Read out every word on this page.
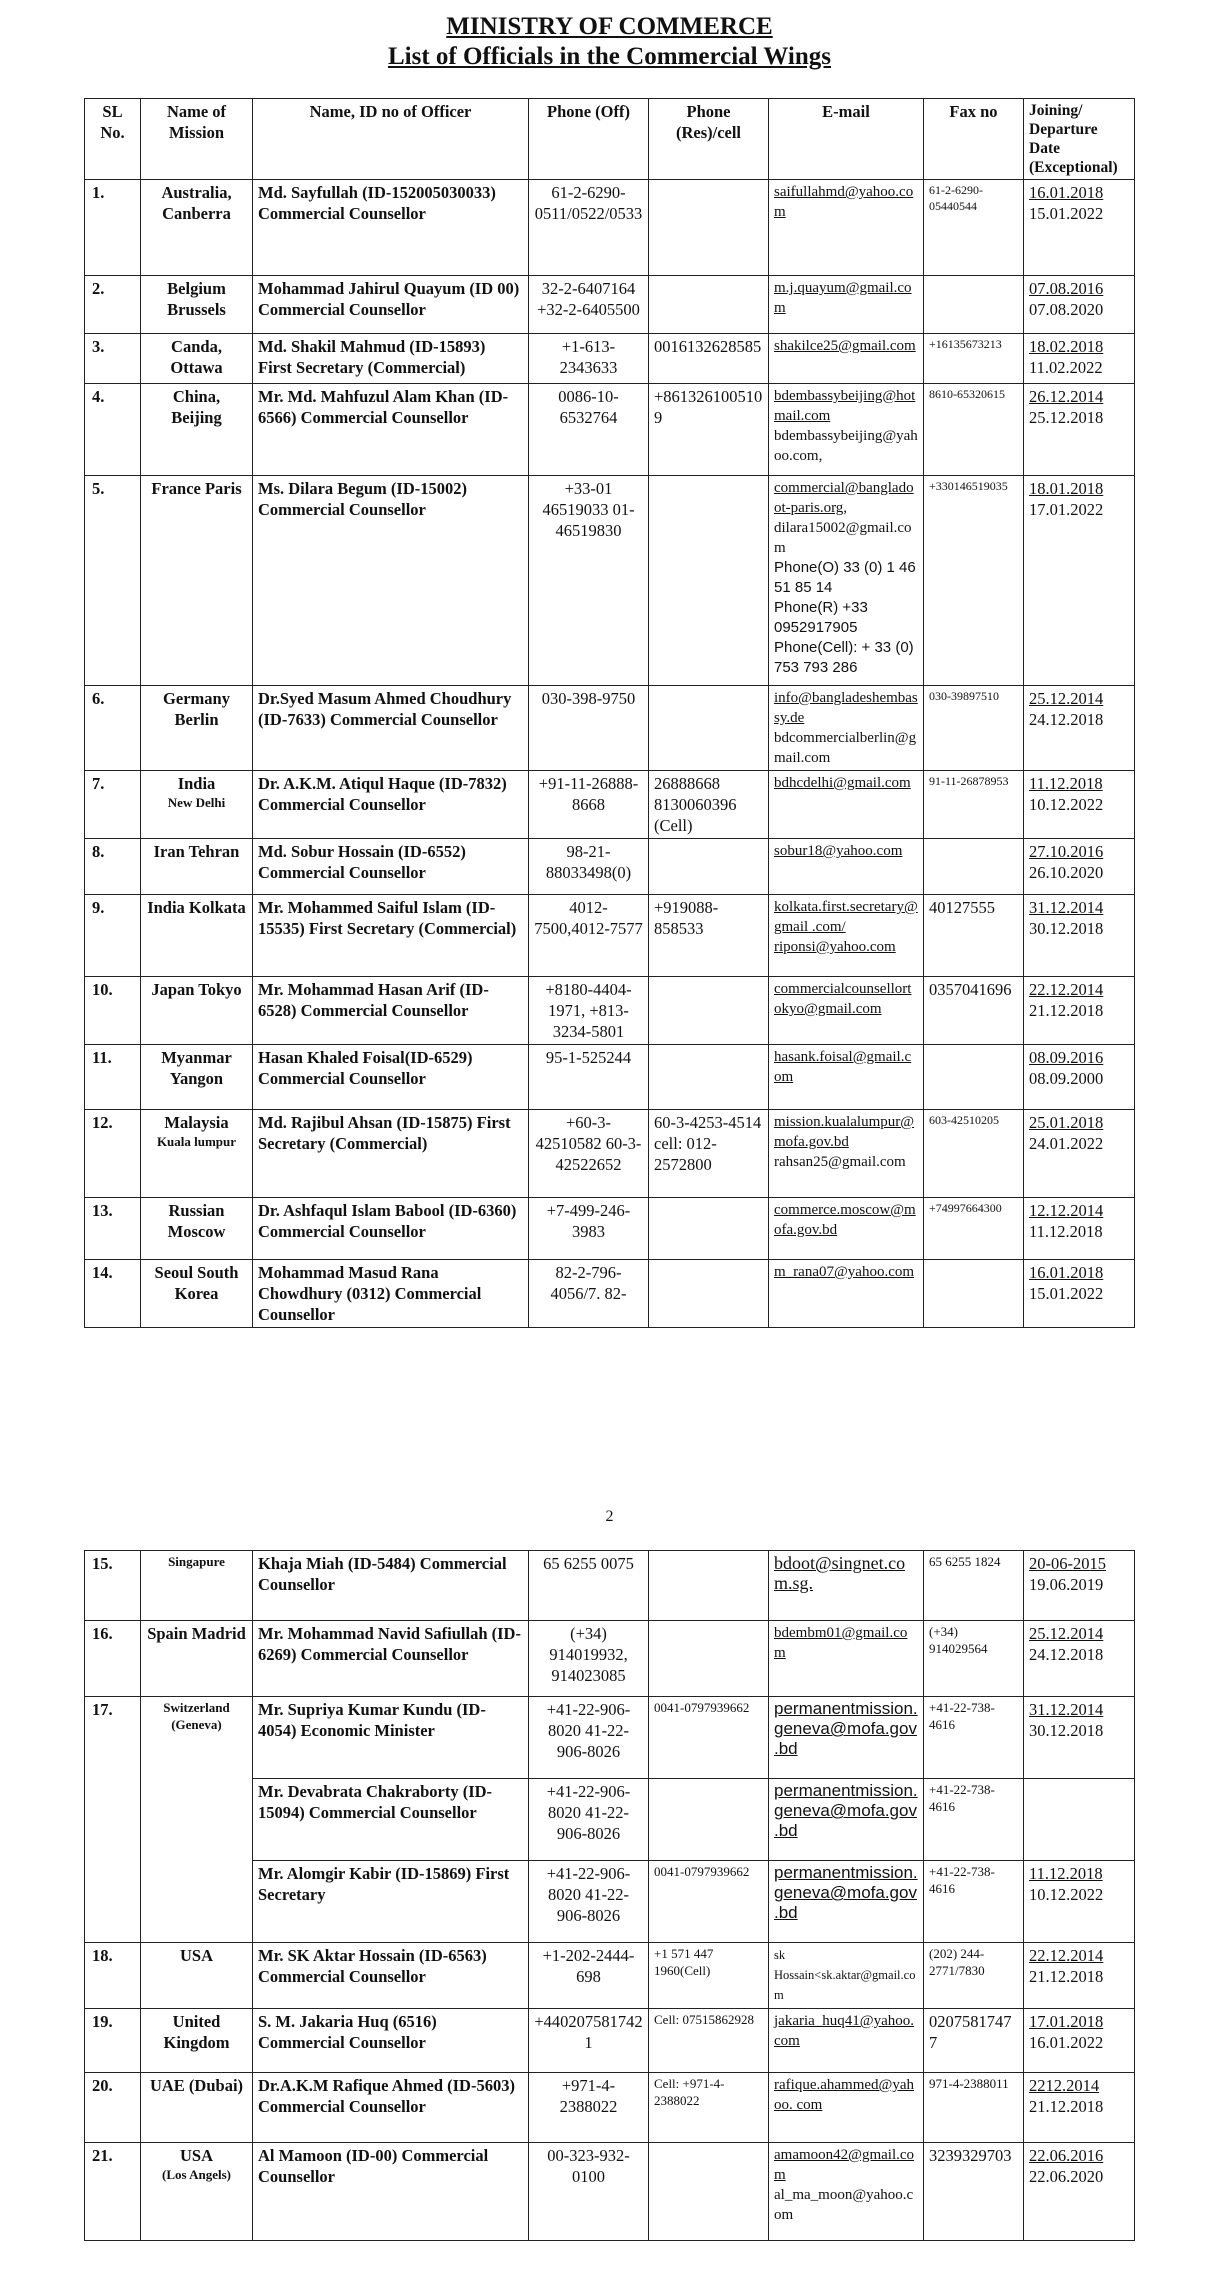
MINISTRY OF COMMERCE
List of Officials in the Commercial Wings
SL No.	Name of Mission	Name, ID no of Officer	Phone (Off)	Phone (Res)/cell	E-mail	Fax no	Joining/ Departure Date (Exceptional)
1.	Australia, Canberra	Md. Sayfullah (ID-152005030033) Commercial Counsellor	61-2-6290-0511/0522/0533		saifullahmd@yahoo.com	61-2-6290-05440544	16.01.2018
15.01.2022

2.	Belgium Brussels	Mohammad Jahirul Quayum (ID 00) Commercial Counsellor	32-2-6407164 +32-2-6405500		m.j.quayum@gmail.com		07.08.2016
07.08.2020

3.	Canda, Ottawa	Md. Shakil Mahmud (ID-15893) First Secretary (Commercial)	+1-613-2343633	0016132628585	shakilce25@gmail.com	+16135673213	18.02.2018
11.02.2022

4.	China, Beijing	Mr. Md. Mahfuzul Alam Khan (ID-6566) Commercial Counsellor	0086-10-6532764	+8613261005109	bdembassybeijing@hotmail.com
bdembassybeijing@yahoo.com,	8610-65320615	26.12.2014
25.12.2018

5.	France Paris	Ms. Dilara Begum (ID-15002) Commercial Counsellor	+33-01 46519033 01-46519830		commercial@bangladoot-paris.org,
dilara15002@gmail.com
Phone(O) 33 (0) 1 46 51 85 14
Phone(R) +33 0952917905
Phone(Cell): + 33 (0) 753 793 286	+330146519035	18.01.2018
17.01.2022

6.	Germany Berlin	Dr.Syed Masum Ahmed Choudhury (ID-7633) Commercial Counsellor	030-398-9750		info@bangladeshembassy.de
bdcommercialberlin@gmail.com	030-39897510	25.12.2014
24.12.2018

7.	India
New Delhi	Dr. A.K.M. Atiqul Haque (ID-7832) Commercial Counsellor	+91-11-26888-8668	26888668 8130060396 (Cell)	bdhcdelhi@gmail.com	91-11-26878953	11.12.2018
10.12.2022

8.	Iran Tehran	Md. Sobur Hossain (ID-6552) Commercial Counsellor	98-21-88033498(0)		sobur18@yahoo.com		27.10.2016
26.10.2020

9.	India Kolkata	Mr. Mohammed Saiful Islam (ID-15535) First Secretary (Commercial)	4012-7500,4012-7577	+919088-858533	kolkata.first.secretary@gmail .com/ riponsi@yahoo.com	40127555	31.12.2014
30.12.2018

10.	Japan Tokyo	Mr. Mohammad Hasan Arif (ID-6528) Commercial Counsellor	+8180-4404-1971, +813-3234-5801		commercialcounsellortokyo@gmail.com	0357041696	22.12.2014
21.12.2018

11.	Myanmar Yangon	Hasan Khaled Foisal(ID-6529) Commercial Counsellor	95-1-525244		hasank.foisal@gmail.com		08.09.2016
08.09.2000

12.	Malaysia
Kuala lumpur	Md. Rajibul Ahsan (ID-15875) First Secretary (Commercial)	+60-3-42510582 60-3-42522652	60-3-4253-4514 cell: 012-2572800	mission.kualalumpur@mofa.gov.bd
rahsan25@gmail.com	603-42510205	25.01.2018
24.01.2022

13.	Russian Moscow	Dr. Ashfaqul Islam Babool (ID-6360) Commercial Counsellor	+7-499-246-3983		commerce.moscow@mofa.gov.bd	+74997664300	12.12.2014
11.12.2018

14.	Seoul South Korea	Mohammad Masud Rana Chowdhury (0312) Commercial Counsellor	82-2-796-4056/7. 82-		m_rana07@yahoo.com		16.01.2018
15.01.2022
2
15.	Singapure	Khaja Miah (ID-5484) Commercial Counsellor	65 6255 0075		bdoot@singnet.com.sg.	65 6255 1824	20-06-2015
19.06.2019

16.	Spain Madrid	Mr. Mohammad Navid Safiullah (ID-6269) Commercial Counsellor	(+34) 914019932, 914023085		bdembm01@gmail.com	(+34) 914029564	25.12.2014
24.12.2018

17.	Switzerland (Geneva)	Mr. Supriya Kumar Kundu (ID-4054) Economic Minister	+41-22-906-8020 41-22-906-8026	0041-0797939662	permanentmission.geneva@mofa.gov.bd	+41-22-738-4616	31.12.2014
30.12.2018

		Mr. Devabrata Chakraborty (ID-15094) Commercial Counsellor	+41-22-906-8020 41-22-906-8026		permanentmission.geneva@mofa.gov.bd	+41-22-738-4616	

		Mr. Alomgir Kabir (ID-15869) First Secretary	+41-22-906-8020 41-22-906-8026	0041-0797939662	permanentmission.geneva@mofa.gov.bd	+41-22-738-4616	11.12.2018
10.12.2022

18.	USA	Mr. SK Aktar Hossain (ID-6563) Commercial Counsellor	+1-202-2444-698	+1 571 447 1960(Cell)	sk Hossain<sk.aktar@gmail.com	(202) 244-2771/7830	22.12.2014
21.12.2018

19.	United Kingdom	S. M. Jakaria Huq (6516) Commercial Counsellor	+4402075817421	Cell: 07515862928	jakaria_huq41@yahoo.com	02075817477	17.01.2018
16.01.2022

20.	UAE (Dubai)	Dr.A.K.M Rafique Ahmed (ID-5603) Commercial Counsellor	+971-4-2388022	Cell: +971-4-2388022	rafique.ahammed@yahoo. com	971-4-2388011	2212.2014
21.12.2018

21.	USA
(Los Angels)	Al Mamoon (ID-00) Commercial Counsellor	00-323-932-0100		amamoon42@gmail.com
al_ma_moon@yahoo.com	3239329703	22.06.2016
22.06.2020
